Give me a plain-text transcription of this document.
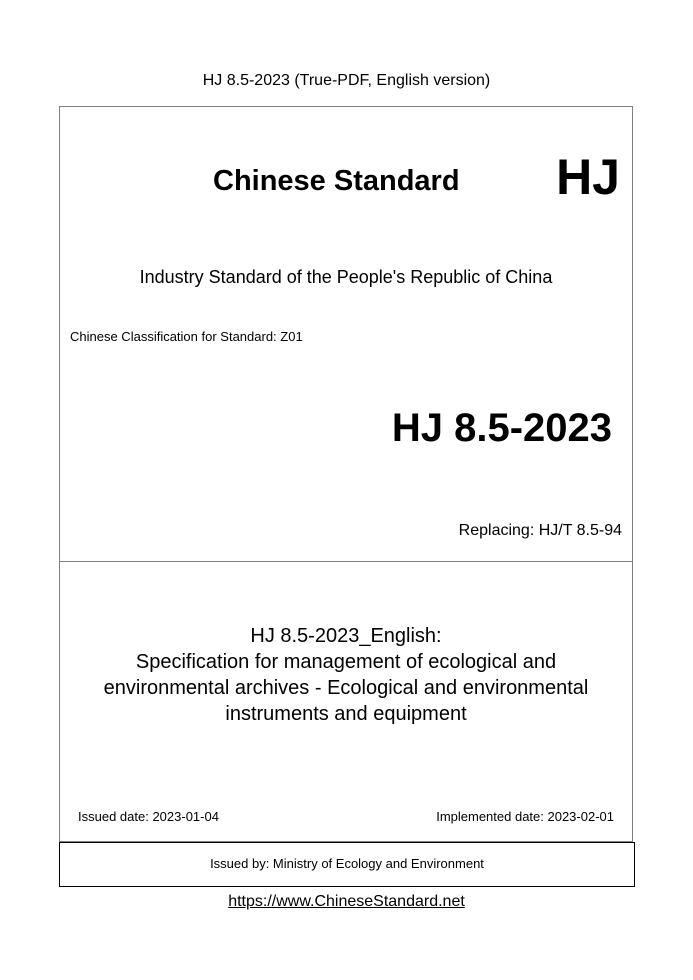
HJ 8.5-2023 (True-PDF, English version)
Chinese Standard HJ
Industry Standard of the People's Republic of China
Chinese Classification for Standard: Z01
HJ 8.5-2023
Replacing: HJ/T 8.5-94
HJ 8.5-2023_English:
Specification for management of ecological and
environmental archives - Ecological and environmental
instruments and equipment
Issued date: 2023-01-04	Implemented date: 2023-02-01
Issued by: Ministry of Ecology and Environment
https://www.ChineseStandard.net
